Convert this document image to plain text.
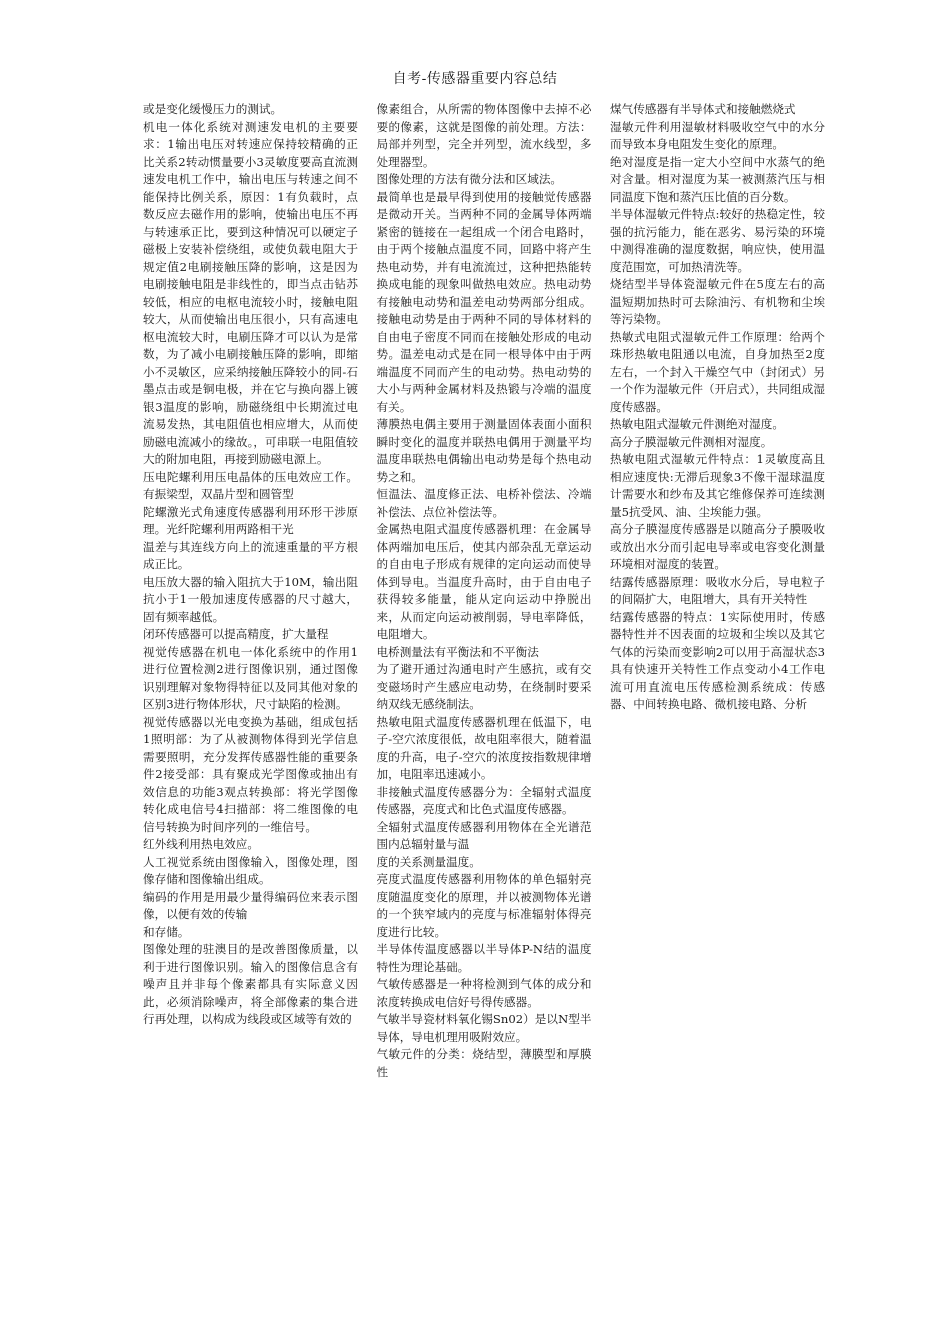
自考-传感器重要内容总结

或是变化缓慢压力的测试。

机电一体化系统对测速发电机的主要要求：1输出电压对转速应保持较精确的正比关系2转动惯量要小3灵敏度要高直流测速发电机工作中，输出电压与转速之间不能保持比例关系，原因：1有负载时，点数反应去磁作用的影响，使输出电压不再与转速承正比，要到这种情况可以硬定子磁极上安装补偿绕组，或使负载电阻大于规定值2电刷接触压降的影响，这是因为电刷接触电阻是非线性的，即当点击钻苏较低，相应的电枢电流较小时，接触电阻较大，从而使输出电压很小，只有高速电枢电流较大时，电刷压降才可以认为是常数，为了减小电刷接触压降的影响，即缩小不灵敏区，应采纳接触压降较小的同-石墨点击或是铜电极，并在它与换向器上镀银3温度的影响，励磁绕组中长期流过电流易发热，其电阻值也相应增大，从而使励磁电流减小的缘故。，可串联一电阻值较大的附加电阻，再接到励磁电源上。

压电陀螺利用压电晶体的压电效应工作。有振梁型，双晶片型和圆管型

陀螺激光式角速度传感器利用环形干涉原理。光纤陀螺利用两路相干光

温差与其连线方向上的流速重量的平方根成正比。

电压放大器的输入阻抗大于10M，输出阻抗小于1一般加速度传感器的尺寸越大，固有频率越低。

闭环传感器可以提高精度，扩大量程

视觉传感器在机电一体化系统中的作用1进行位置检测2进行图像识别，通过图像识别理解对象物得特征以及同其他对象的区别3进行物体形状，尺寸缺陷的检测。

视觉传感器以光电变换为基础，组成包括1照明部：为了从被测物体得到光学信息需要照明，充分发挥传感器性能的重要条件2接受部：具有聚成光学图像或抽出有效信息的功能3观点转换部：将光学图像转化成电信号4扫描部：将二维图像的电信号转换为时间序列的一维信号。

红外线利用热电效应。

人工视觉系统由图像输入，图像处理，图像存储和图像输出组成。

编码的作用是用最少量得编码位来表示图像，以便有效的传输

和存储。

图像处理的驻澳目的是改善图像质量，以利于进行图像识别。输入的图像信息含有噪声且并非每个像素都具有实际意义因此，必须消除噪声，将全部像素的集合进行再处理，以构成为线段或区域等有效的

像素组合，从所需的物体图像中去掉不必要的像素，这就是图像的前处理。方法：局部并列型，完全并列型，流水线型，多处理器型。

图像处理的方法有微分法和区域法。

最简单也是最早得到使用的接触觉传感器是微动开关。当两种不同的金属导体两端紧密的链接在一起组成一个闭合电路时，由于两个接触点温度不同，回路中将产生热电动势，并有电流流过，这种把热能转换成电能的现象叫做热电效应。热电动势有接触电动势和温差电动势两部分组成。接触电动势是由于两种不同的导体材料的自由电子密度不同而在接触处形成的电动势。温差电动式是在同一根导体中由于两端温度不同而产生的电动势。热电动势的大小与两种金属材料及热锻与冷端的温度有关。

薄膜热电偶主要用于测量固体表面小面积瞬时变化的温度并联热电偶用于测量平均温度串联热电偶输出电动势是每个热电动势之和。

恒温法、温度修正法、电桥补偿法、冷端补偿法、点位补偿法等。

金属热电阻式温度传感器机理：在金属导体两端加电压后，使其内部杂乱无章运动的自由电子形成有规律的定向运动而使导体到导电。当温度升高时，由于自由电子获得较多能量，能从定向运动中挣脱出来，从而定向运动被削弱，导电率降低，电阻增大。

电桥测量法有平衡法和不平衡法

为了避开通过沟通电时产生感抗，或有交变磁场时产生感应电动势，在绕制时要采纳双线无感绕制法。

热敏电阻式温度传感器机理在低温下，电子-空穴浓度很低，故电阻率很大，随着温度的升高，电子-空穴的浓度按指数规律增加，电阻率迅速减小。

非接触式温度传感器分为：全辐射式温度传感器，亮度式和比色式温度传感器。

全辐射式温度传感器利用物体在全光谱范围内总辐射量与温

度的关系测量温度。

亮度式温度传感器利用物体的单色辐射亮度随温度变化的原理，并以被测物体光谱的一个狭窄域内的亮度与标准辐射体得亮度进行比较。

半导体传温度感器以半导体P-N结的温度特性为理论基础。

气敏传感器是一种将检测到气体的成分和浓度转换成电信好号得传感器。

气敏半导瓷材料氧化锡Sn02）是以N型半导体，导电机理用吸附效应。

气敏元件的分类：烧结型，薄膜型和厚膜性

煤气传感器有半导体式和接触燃烧式

湿敏元件利用湿敏材料吸收空气中的水分而导致本身电阻发生变化的原理。

绝对湿度是指一定大小空间中水蒸气的绝对含量。相对湿度为某一被测蒸汽压与相同温度下饱和蒸汽压比值的百分数。

半导体湿敏元件特点:较好的热稳定性，较强的抗污能力，能在恶劣、易污染的环境中测得准确的湿度数据，响应快，使用温度范围宽，可加热清洗等。

烧结型半导体瓷湿敏元件在5度左右的高温短期加热时可去除油污、有机物和尘埃等污染物。

热敏式电阻式湿敏元件工作原理：给两个珠形热敏电阻通以电流，自身加热至2度左右，一个封入干燥空气中（封闭式）另一个作为湿敏元件（开启式），共同组成湿度传感器。

热敏电阻式湿敏元件测绝对湿度。

高分子膜湿敏元件测相对湿度。

热敏电阻式湿敏元件特点：1灵敏度高且相应速度快:无滞后现象3不像干湿球温度计需要水和纱布及其它维修保养可连续测量5抗受风、油、尘埃能力强。

高分子膜湿度传感器是以随高分子膜吸收或放出水分而引起电导率或电容变化测量环境相对湿度的装置。

结露传感器原理：吸收水分后，导电粒子的间隔扩大，电阻增大，具有开关特性

结露传感器的特点：1实际使用时，传感器特性并不因表面的垃圾和尘埃以及其它气体的污染而变影响2可以用于高湿状态3具有快速开关特性工作点变动小4工作电流可用直流电压传感检测系统成：传感器、中间转换电路、微机接电路、分析
